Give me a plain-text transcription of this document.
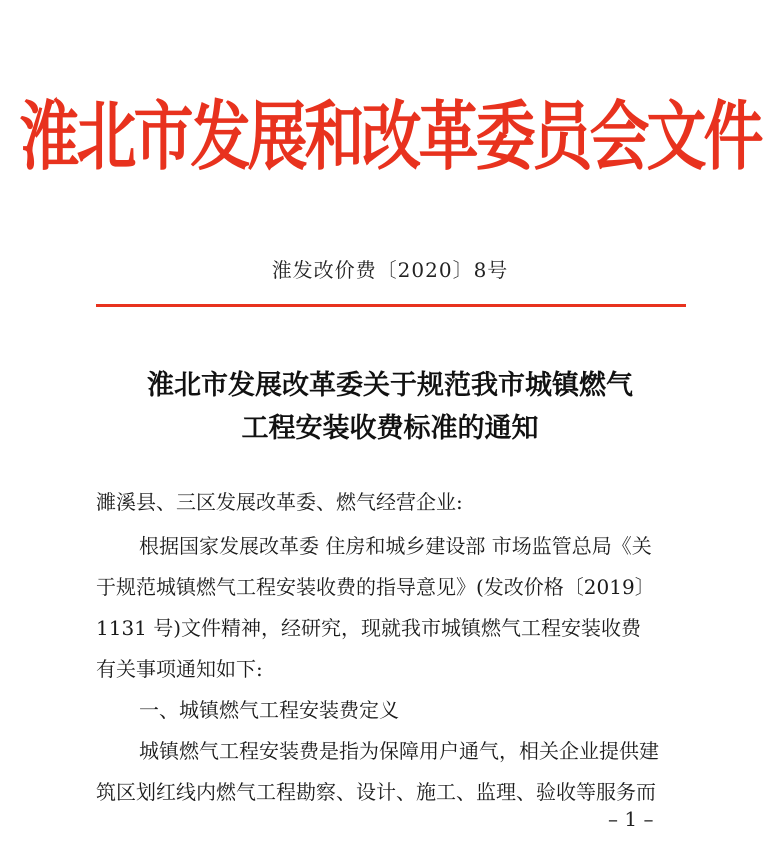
淮北市发展和改革委员会文件
淮发改价费〔2020〕8号
淮北市发展改革委关于规范我市城镇燃气
工程安装收费标准的通知
濉溪县、三区发展改革委、燃气经营企业:
根据国家发展改革委 住房和城乡建设部 市场监管总局《关
于规范城镇燃气工程安装收费的指导意见》(发改价格〔2019〕
1131 号)文件精神，经研究，现就我市城镇燃气工程安装收费
有关事项通知如下:
一、城镇燃气工程安装费定义
城镇燃气工程安装费是指为保障用户通气，相关企业提供建
筑区划红线内燃气工程勘察、设计、施工、监理、验收等服务而
– 1 –
